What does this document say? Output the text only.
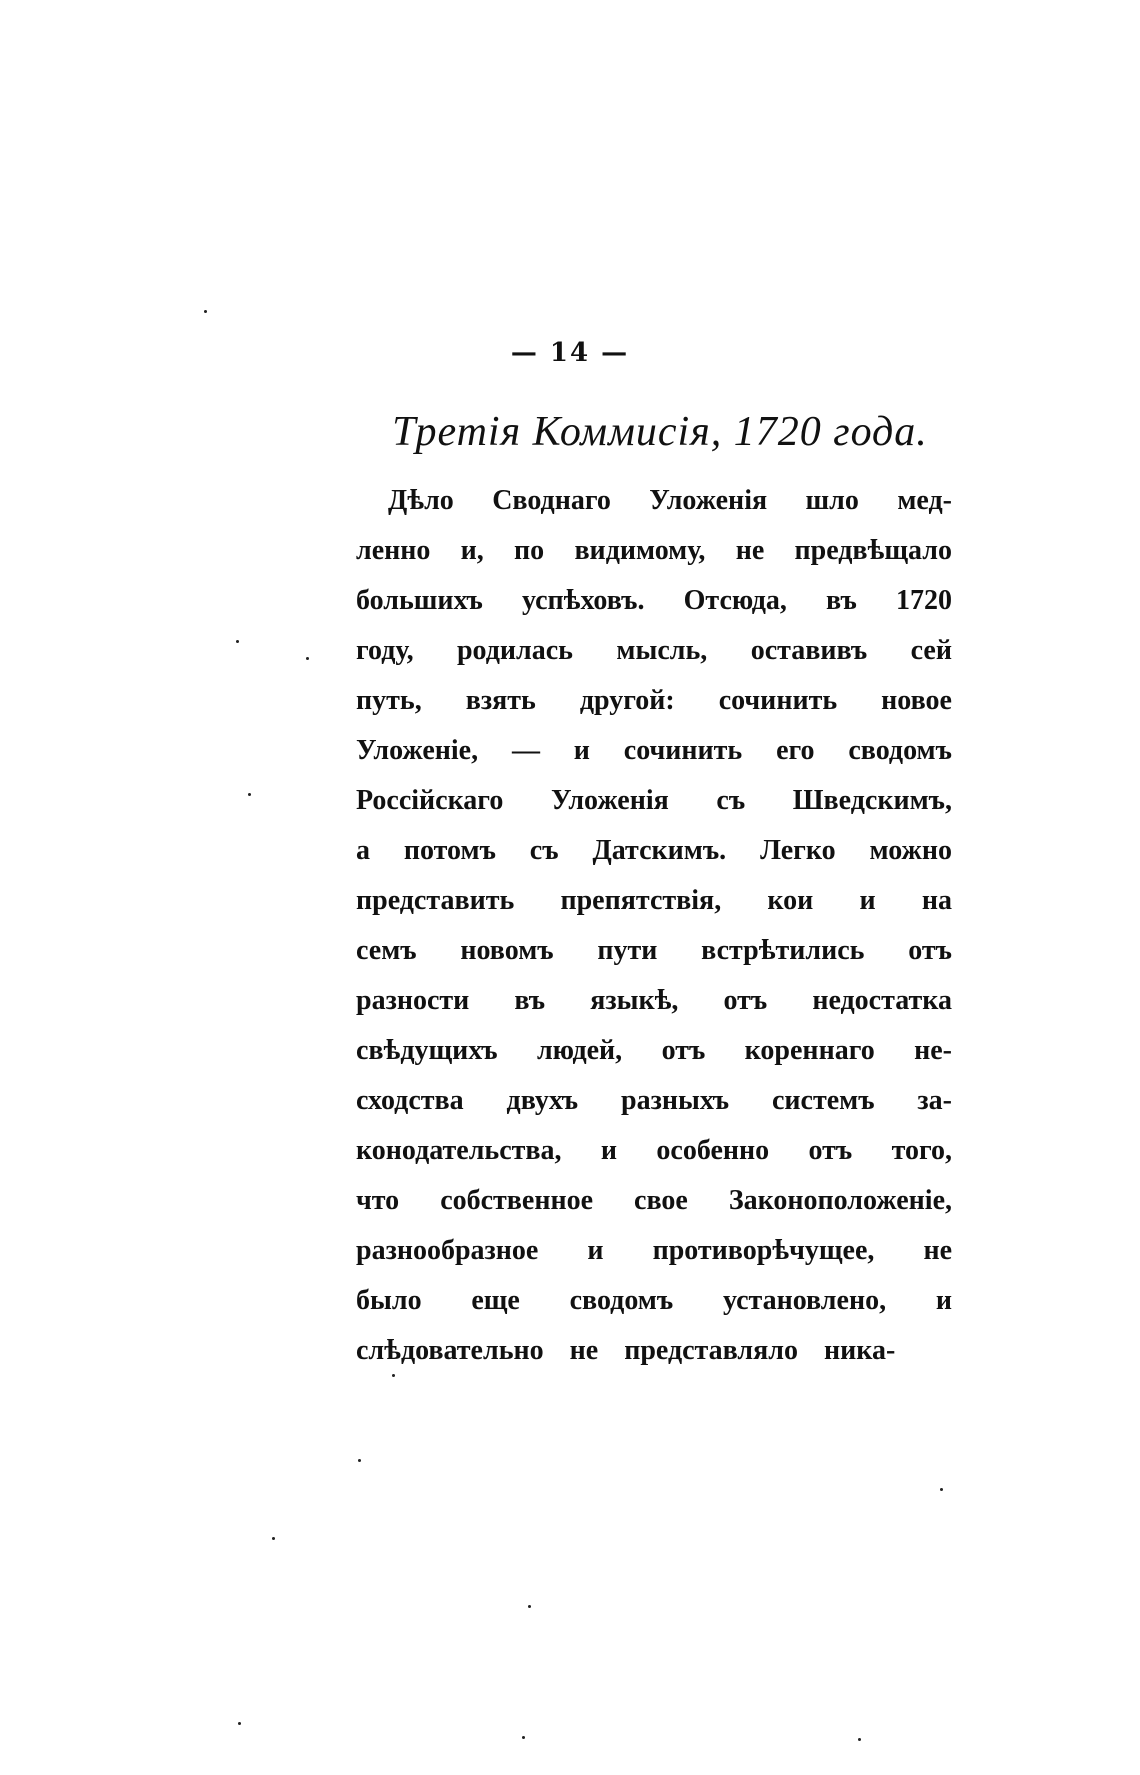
— 14 —
Третія Коммисія, 1720 года.
Дѣло Своднаго Уложенія шло мед-
ленно и, по видимому, не предвѣщало
большихъ успѣховъ. Отсюда, въ 1720
году, родилась мысль, оставивъ сей
путь, взять другой: сочинить новое
Уложеніе, — и сочинить его сводомъ
Россійскаго Уложенія съ Шведскимъ,
а потомъ съ Датскимъ. Легко можно
представить препятствія, кои и на
семъ новомъ пути встрѣтились отъ
разности въ языкѣ, отъ недостатка
свѣдущихъ людей, отъ кореннаго не-
сходства двухъ разныхъ системъ за-
конодательства, и особенно отъ того,
что собственное свое Законоположеніе,
разнообразное и противорѣчущее, не
было еще сводомъ установлено, и
слѣдовательно не представляло ника-
